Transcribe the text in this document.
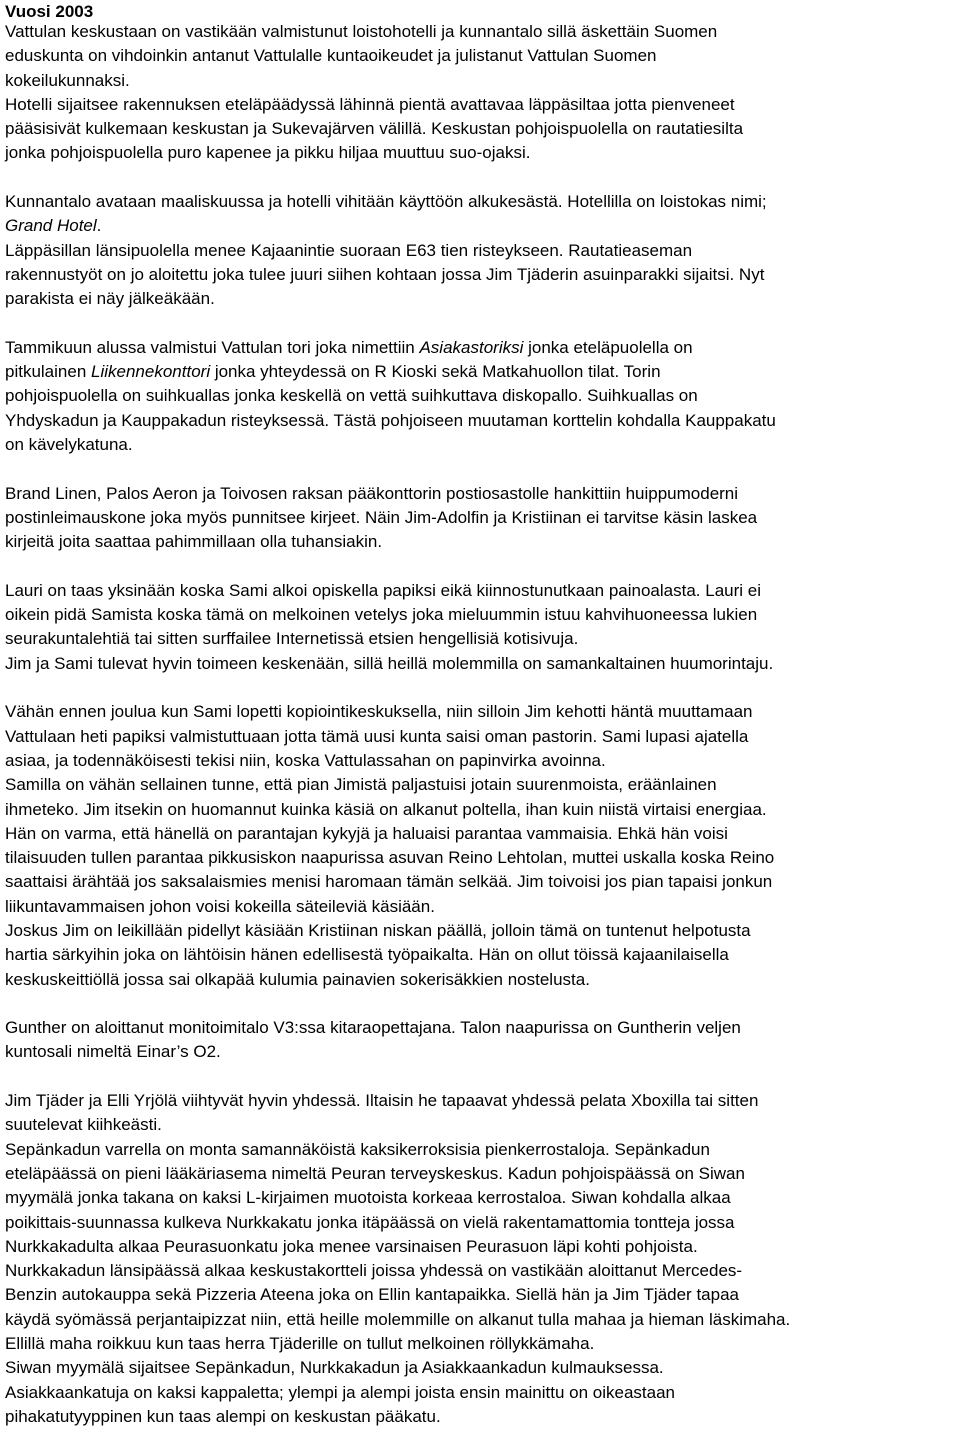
Vuosi 2003
Vattulan keskustaan on vastikään valmistunut loistohotelli ja kunnantalo sillä äskettäin Suomen
eduskunta on vihdoinkin antanut Vattulalle kuntaoikeudet ja julistanut Vattulan Suomen
kokeilukunnaksi.
Hotelli sijaitsee rakennuksen eteläpäädyssä lähinnä pientä avattavaa läppäsiltaa jotta pienveneet
pääsisivät kulkemaan keskustan ja Sukevajärven välillä. Keskustan pohjoispuolella on rautatiesilta
jonka pohjoispuolella puro kapenee ja pikku hiljaa muuttuu suo-ojaksi.
Kunnantalo avataan maaliskuussa ja hotelli vihitään käyttöön alkukesästä. Hotellilla on loistokas nimi;
Grand Hotel.
Läppäsillan länsipuolella menee Kajaanintie suoraan E63 tien risteykseen. Rautatieaseman
rakennustyöt on jo aloitettu joka tulee juuri siihen kohtaan jossa Jim Tjäderin asuinparakki sijaitsi. Nyt
parakista ei näy jälkeäkään.
Tammikuun alussa valmistui Vattulan tori joka nimettiin Asiakastoriksi jonka eteläpuolella on
pitkulainen Liikennekonttori jonka yhteydessä on R Kioski sekä Matkahuollon tilat. Torin
pohjoispuolella on suihkuallas jonka keskellä on vettä suihkuttava diskopallo. Suihkuallas on
Yhdyskadun ja Kauppakadun risteyksessä. Tästä pohjoiseen muutaman korttelin kohdalla Kauppakatu
on kävelykatuna.
Brand Linen, Palos Aeron ja Toivosen raksan pääkonttorin postiosastolle hankittiin huippumoderni
postinleimauskone joka myös punnitsee kirjeet. Näin Jim-Adolfin ja Kristiinan ei tarvitse käsin laskea
kirjeitä joita saattaa pahimmillaan olla tuhansiakin.
Lauri on taas yksinään koska Sami alkoi opiskella papiksi eikä kiinnostunutkaan painoalasta. Lauri ei
oikein pidä Samista koska tämä on melkoinen vetelys joka mieluummin istuu kahvihuoneessa lukien
seurakuntalehtiä tai sitten surffailee Internetissä etsien hengellisiä kotisivuja.
Jim ja Sami tulevat hyvin toimeen keskenään, sillä heillä molemmilla on samankaltainen huumorintaju.
Vähän ennen joulua kun Sami lopetti kopiointikeskuksella, niin silloin Jim kehotti häntä muuttamaan
Vattulaan heti papiksi valmistuttuaan jotta tämä uusi kunta saisi oman pastorin. Sami lupasi ajatella
asiaa, ja todennäköisesti tekisi niin, koska Vattulassahan on papinvirka avoinna.
Samilla on vähän sellainen tunne, että pian Jimistä paljastuisi jotain suurenmoista, eräänlainen
ihmeteko. Jim itsekin on huomannut kuinka käsiä on alkanut poltella, ihan kuin niistä virtaisi energiaa.
Hän on varma, että hänellä on parantajan kykyjä ja haluaisi parantaa vammaisia. Ehkä hän voisi
tilaisuuden tullen parantaa pikkusiskon naapurissa asuvan Reino Lehtolan, muttei uskalla koska Reino
saattaisi ärähtää jos saksalaismies menisi haromaan tämän selkää. Jim toivoisi jos pian tapaisi jonkun
liikuntavammaisen johon voisi kokeilla säteileviä käsiään.
Joskus Jim on leikillään pidellyt käsiään Kristiinan niskan päällä, jolloin tämä on tuntenut helpotusta
hartia särkyihin joka on lähtöisin hänen edellisestä työpaikalta. Hän on ollut töissä kajaanilaisella
keskuskeittiöllä jossa sai olkapää kulumia painavien sokerisäkkien nostelusta.
Gunther on aloittanut monitoimitalo V3:ssa kitaraopettajana. Talon naapurissa on Guntherin veljen
kuntosali nimeltä Einar’s O2.
Jim Tjäder ja Elli Yrjölä viihtyvät hyvin yhdessä. Iltaisin he tapaavat yhdessä pelata Xboxilla tai sitten
suutelevat kiihkeästi.
Sepänkadun varrella on monta samannäköistä kaksikerroksisia pienkerrostaloja. Sepänkadun
eteläpäässä on pieni lääkäriasema nimeltä Peuran terveyskeskus. Kadun pohjoispäässä on Siwan
myymälä jonka takana on kaksi L-kirjaimen muotoista korkeaa kerrostaloa. Siwan kohdalla alkaa
poikittais-suunnassa kulkeva Nurkkakatu jonka itäpäässä on vielä rakentamattomia tontteja jossa
Nurkkakadulta alkaa Peurasuonkatu joka menee varsinaisen Peurasuon läpi kohti pohjoista.
Nurkkakadun länsipäässä alkaa keskustakortteli joissa yhdessä on vastikään aloittanut Mercedes-
Benzin autokauppa sekä Pizzeria Ateena joka on Ellin kantapaikka. Siellä hän ja Jim Tjäder tapaa
käydä syömässä perjantaipizzat niin, että heille molemmille on alkanut tulla mahaa ja hieman läskimaha.
Ellillä maha roikkuu kun taas herra Tjäderille on tullut melkoinen röllykkämaha.
Siwan myymälä sijaitsee Sepänkadun, Nurkkakadun ja Asiakkaankadun kulmauksessa.
Asiakkaankatuja on kaksi kappaletta; ylempi ja alempi joista ensin mainittu on oikeastaan
pihakatutyyppinen kun taas alempi on keskustan pääkatu.
